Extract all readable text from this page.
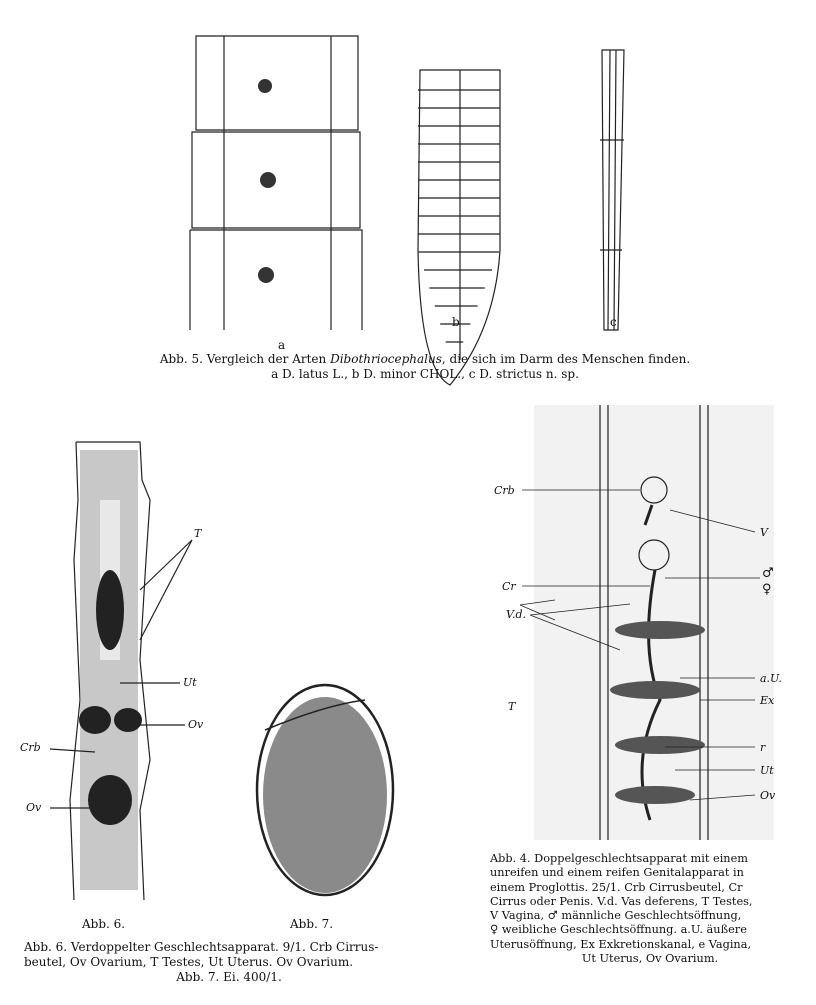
a
b	c
Abb. 5. Vergleich der Arten Dibothriocephalus, die sich im Darm des Menschen finden.
a D. latus L., b D. minor CHOL., c D. strictus n. sp.
T
Ut
Ov
Crb
Ov
Abb. 6.	Abb. 7.
Abb. 6. Verdoppelter Geschlechtsapparat. 9/1. Crb Cirrus-
beutel, Ov Ovarium, T Testes, Ut Uterus. Ov Ovarium.
Abb. 7. Ei. 400/1.
Crb
V
Cr
♂
♀
V.d.
a.U.
Ex
T
r
Ut
Ov
Abb. 4. Doppelgeschlechtsapparat mit einem
unreifen und einem reifen Genitalapparat in
einem Proglottis. 25/1. Crb Cirrusbeutel, Cr
Cirrus oder Penis. V.d. Vas deferens, T Testes,
V Vagina, ♂ männliche Geschlechtsöffnung,
♀ weibliche Geschlechtsöffnung. a.U. äußere
Uterusöffnung, Ex Exkretionskanal, e Vagina,
Ut Uterus, Ov Ovarium.
